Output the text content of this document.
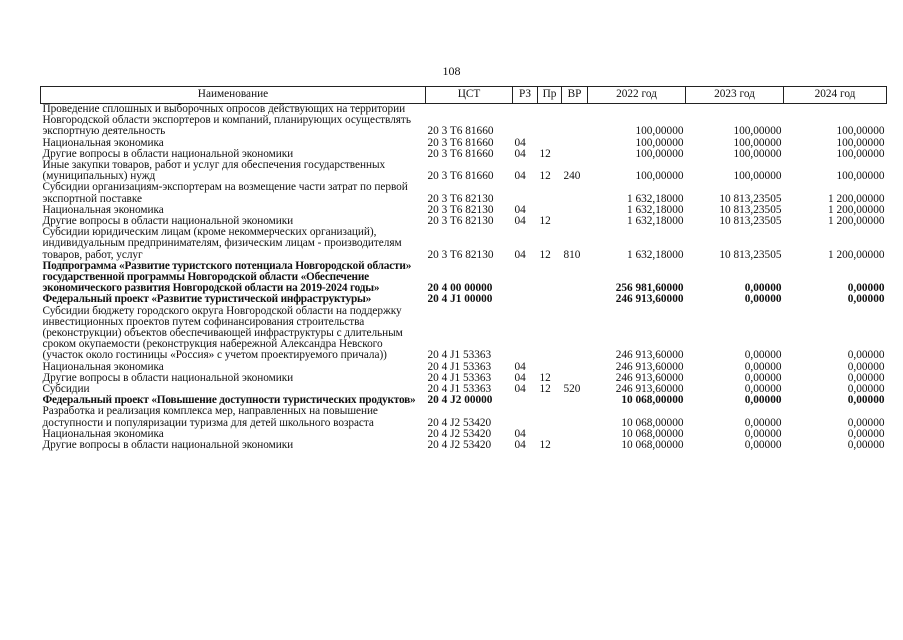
108
Наименование	ЦСТ	РЗ	Пр	ВР	2022 год	2023 год	2024 год
Проведение сплошных и выборочных опросов действующих на территории Новгородской области экспортеров и компаний, планирующих осуществлять экспортную деятельность	20 3 T6 81660				100,00000	100,00000	100,00000
Национальная экономика	20 3 T6 81660	04			100,00000	100,00000	100,00000
Другие вопросы в области национальной экономики	20 3 T6 81660	04	12		100,00000	100,00000	100,00000
Иные закупки товаров, работ и услуг для обеспечения государственных (муниципальных) нужд	20 3 T6 81660	04	12	240	100,00000	100,00000	100,00000
Субсидии организациям-экспортерам на возмещение части затрат по первой экспортной поставке	20 3 T6 82130				1 632,18000	10 813,23505	1 200,00000
Национальная экономика	20 3 T6 82130	04			1 632,18000	10 813,23505	1 200,00000
Другие вопросы в области национальной экономики	20 3 T6 82130	04	12		1 632,18000	10 813,23505	1 200,00000
Субсидии юридическим лицам (кроме некоммерческих организаций), индивидуальным предпринимателям, физическим лицам - производителям товаров, работ, услуг	20 3 T6 82130	04	12	810	1 632,18000	10 813,23505	1 200,00000
Подпрограмма «Развитие туристского потенциала Новгородской области» государственной программы Новгородской области «Обеспечение экономического развития Новгородской области на 2019-2024 годы»	20 4 00 00000				256 981,60000	0,00000	0,00000
Федеральный проект «Развитие туристической инфраструктуры»	20 4 J1 00000				246 913,60000	0,00000	0,00000
Субсидии бюджету городского округа Новгородской области на поддержку инвестиционных проектов путем софинансирования строительства (реконструкции) объектов обеспечивающей инфраструктуры с длительным сроком окупаемости (реконструкция набережной Александра Невского (участок около гостиницы «Россия» с учетом проектируемого причала))	20 4 J1 53363				246 913,60000	0,00000	0,00000
Национальная экономика	20 4 J1 53363	04			246 913,60000	0,00000	0,00000
Другие вопросы в области национальной экономики	20 4 J1 53363	04	12		246 913,60000	0,00000	0,00000
Субсидии	20 4 J1 53363	04	12	520	246 913,60000	0,00000	0,00000
Федеральный проект «Повышение доступности туристических продуктов»	20 4 J2 00000				10 068,00000	0,00000	0,00000
Разработка и реализация комплекса мер, направленных на повышение доступности и популяризации туризма для детей школьного возраста	20 4 J2 53420				10 068,00000	0,00000	0,00000
Национальная экономика	20 4 J2 53420	04			10 068,00000	0,00000	0,00000
Другие вопросы в области национальной экономики	20 4 J2 53420	04	12		10 068,00000	0,00000	0,00000
